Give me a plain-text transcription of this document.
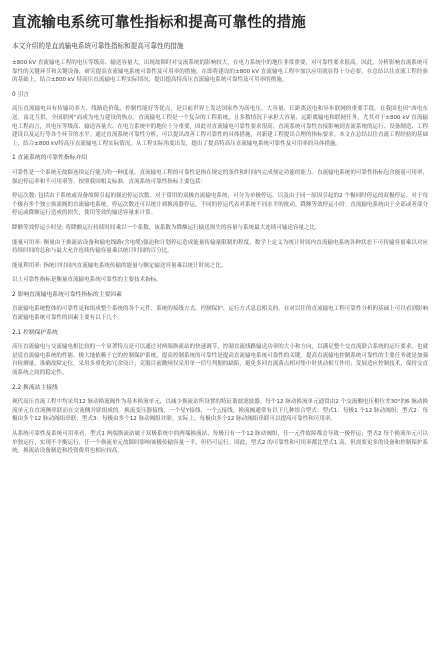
直流输电系统可靠性指标和提高可靠性的措施
本文介绍的是直流输电系统可靠性指标和提高可靠性的措施
±800 kV 直流输电工程的电压等级高、输送容量大，出现故障时对交流系统的影响较大，在电力系统中的地位非常重要，对可靠性要求很高。因此，分析影响直流系统可靠性的关键环节和关键设备，研究提高直流输电系统可靠性及可用率的措施，在即将建设的±800 kV 直流输电工程中加以应用就显得十分必要。在总结以往直流工程经验的基础上，结合±800 kV 特高压直流输电工程实际情况，提出提高特高压直流输电系统可靠性及可用率的措施。
0 引言
高压直流输电具有传输功率大、线路造价低、控制性能好等优点，是目前世界上发达国家作为高电压、大容量、长距离送电和异步联网的重要手段。在我国也因“西电东送、南北互供、全国联网”而成为电力建设的热点。直流输电工程是一个复杂的工程系统，且多数情况下承担大容量、远距离输电和联网任务，尤其对于±800 kV 直流输电工程而言，其电压等级高、输送容量大、在电力系统中的地位十分重要，因此对直流输电可靠性要求很高。直流系统可靠性直接影响到直流系统的运行、设备制造、工程建设以及运行等各个环节的水平。通过直流系统可靠性分析，可以提出改善工程可靠性的具体措施，对新建工程提出合理的指标要求。本文在总结以往直流工程经验的基础上，结合±800 kV特高压直流输电工程实际情况，从工程实际角度出发，提出了提高特高压直流输电系统可靠性及可用率的具体措施。
1 直流系统的可靠性指标介绍
可靠性是一个系统无故障连续运行能力的一种度量。直流输电工程的可靠性是指在规定的条件和时间内完成预定功能的能力。直流输电系统的可靠性指标包含能量可用率、强迫停运率和不可用率等。按照我国相关标准，直流系统可靠性指标主要包括：
停运次数: 包括由于系统或设备故障引起的强迫停运次数、对于常用的双极直流输电系统，可分为单极停运、以及由于同一原因引起的2 个极同时停运的双极停运。对于每个极有多个独立换流阀的直流输电系统，停运次数还可以统计到换流器停运，不同的停运代表对系统不同水平的扰动。降额等效停运小时：直流输电系统由于全部或者部分停运或降额运行造成的损失，使用等效的输送容量来计算。
降额等效停运小时是: 将降额运行持续时间乘以一个系数，该系数为降额运行输送损失的容量与系统最大连续可输送容量之比。
能量可用率: 衡量由于换流站设备和输电线路(含电缆)强迫和计划停运造成能量传输量限制的程度，数学上定义为统计时间内直流输电系统各种状态下可传输容量乘以对应持续时间的总和与最大允许连续传输容量乘以统计时间的百分比。
能量利用率: 指统计时间内直流输电系统传输的能量与额定输送容量乘以统计时间之比。
以上可靠性指标是衡量直流输电系统可靠性的主要技术指标。
2 影响直流输电系统可靠性指标的主要因素
直流输电系统整体的可靠性是和组成整个系统的各个元件、系统的接线方式、控制保护、运行方式息息相关的。在对以往的直流输电工程可靠性分析的基础上可以看到影响直流输电系统可靠性的因素主要有以下几个。
2.1 控制保护系统
高压直流输电与交流输电相比较的一个显著特点是可以通过对两端换流站的快速调节，控制直流线路输送功率的大小和方向，以满足整个交直流联合系统的运行要求。也就是说直流输电系统的性能、极大地依赖于它的控制保护系统，提高控制系统的可靠性是提高直流输电系统可靠性的关键。提高直流输电控制系统可靠性的主要任务就是加强自检测量、准确故障定位，采用多重化和冗余设计；克服目前跳闸仅采用单一信号判据的缺陷，避免多回直流落点相对集中时扰动相互作用；发展适应控制技术，保持交直流系统之间的稳定性。
2.2 换流站主接线
现代高压直流工程中均采用12 脉动换流阀作为基本换流单元，以减少换流站所设置的特征谐波滤波器。每个12 脉动换流单元通常由2 个交流侧电压相位差30°的6 脉动换流单元在直流侧串联而在交流侧并联组成的。换流变压器接线，一个星Y接线、一个△接线，换流阀通常有以下几种组合型式：型式1：每极1 个12 脉动阀组；型式2：每极由多个12 脉动阀组串联；型式3：每极由多个12 脉动阀组并联。实际上，每极由多个12 脉动阀组串联可以提高可靠性和可用率。
从系统可靠性及系统可用率看，型式1 两端换流站属于双极系统中的两端换流站，每极只有一个12 脉动阀组，任一元件故障都会导致一极停运；型式2 每个换流单元可以单独运行，实现不平衡运行，任一个换流单元故障时影响该极传输容量一半，但仍可运行。因此，型式2 的可靠性和可用率都比型式1 高，但需要更多的设备和控制保护系统。换流站设备制造和投资费用也相应较高。
